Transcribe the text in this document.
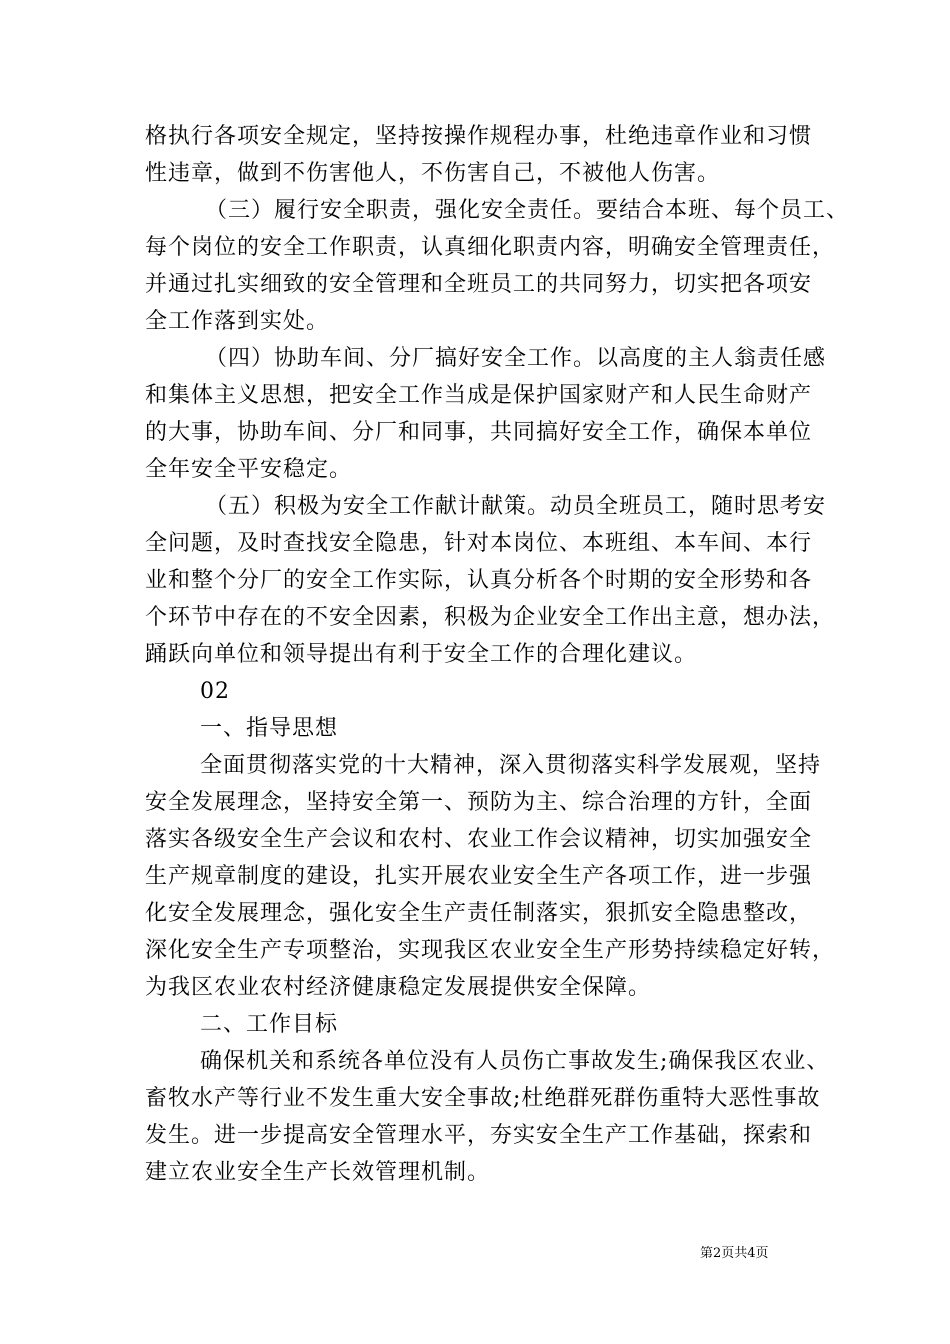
格执行各项安全规定，坚持按操作规程办事，杜绝违章作业和习惯
性违章，做到不伤害他人，不伤害自己，不被他人伤害。
（三）履行安全职责，强化安全责任。要结合本班、每个员工、
每个岗位的安全工作职责，认真细化职责内容，明确安全管理责任，
并通过扎实细致的安全管理和全班员工的共同努力，切实把各项安
全工作落到实处。
（四）协助车间、分厂搞好安全工作。以高度的主人翁责任感
和集体主义思想，把安全工作当成是保护国家财产和人民生命财产
的大事，协助车间、分厂和同事，共同搞好安全工作，确保本单位
全年安全平安稳定。
（五）积极为安全工作献计献策。动员全班员工，随时思考安
全问题，及时查找安全隐患，针对本岗位、本班组、本车间、本行
业和整个分厂的安全工作实际，认真分析各个时期的安全形势和各
个环节中存在的不安全因素，积极为企业安全工作出主意，想办法，
踊跃向单位和领导提出有利于安全工作的合理化建议。
02
一、指导思想
全面贯彻落实党的十大精神，深入贯彻落实科学发展观，坚持
安全发展理念，坚持安全第一、预防为主、综合治理的方针，全面
落实各级安全生产会议和农村、农业工作会议精神，切实加强安全
生产规章制度的建设，扎实开展农业安全生产各项工作，进一步强
化安全发展理念，强化安全生产责任制落实，狠抓安全隐患整改，
深化安全生产专项整治，实现我区农业安全生产形势持续稳定好转，
为我区农业农村经济健康稳定发展提供安全保障。
二、工作目标
确保机关和系统各单位没有人员伤亡事故发生;确保我区农业、
畜牧水产等行业不发生重大安全事故;杜绝群死群伤重特大恶性事故
发生。进一步提高安全管理水平，夯实安全生产工作基础，探索和
建立农业安全生产长效管理机制。
第2页共4页
